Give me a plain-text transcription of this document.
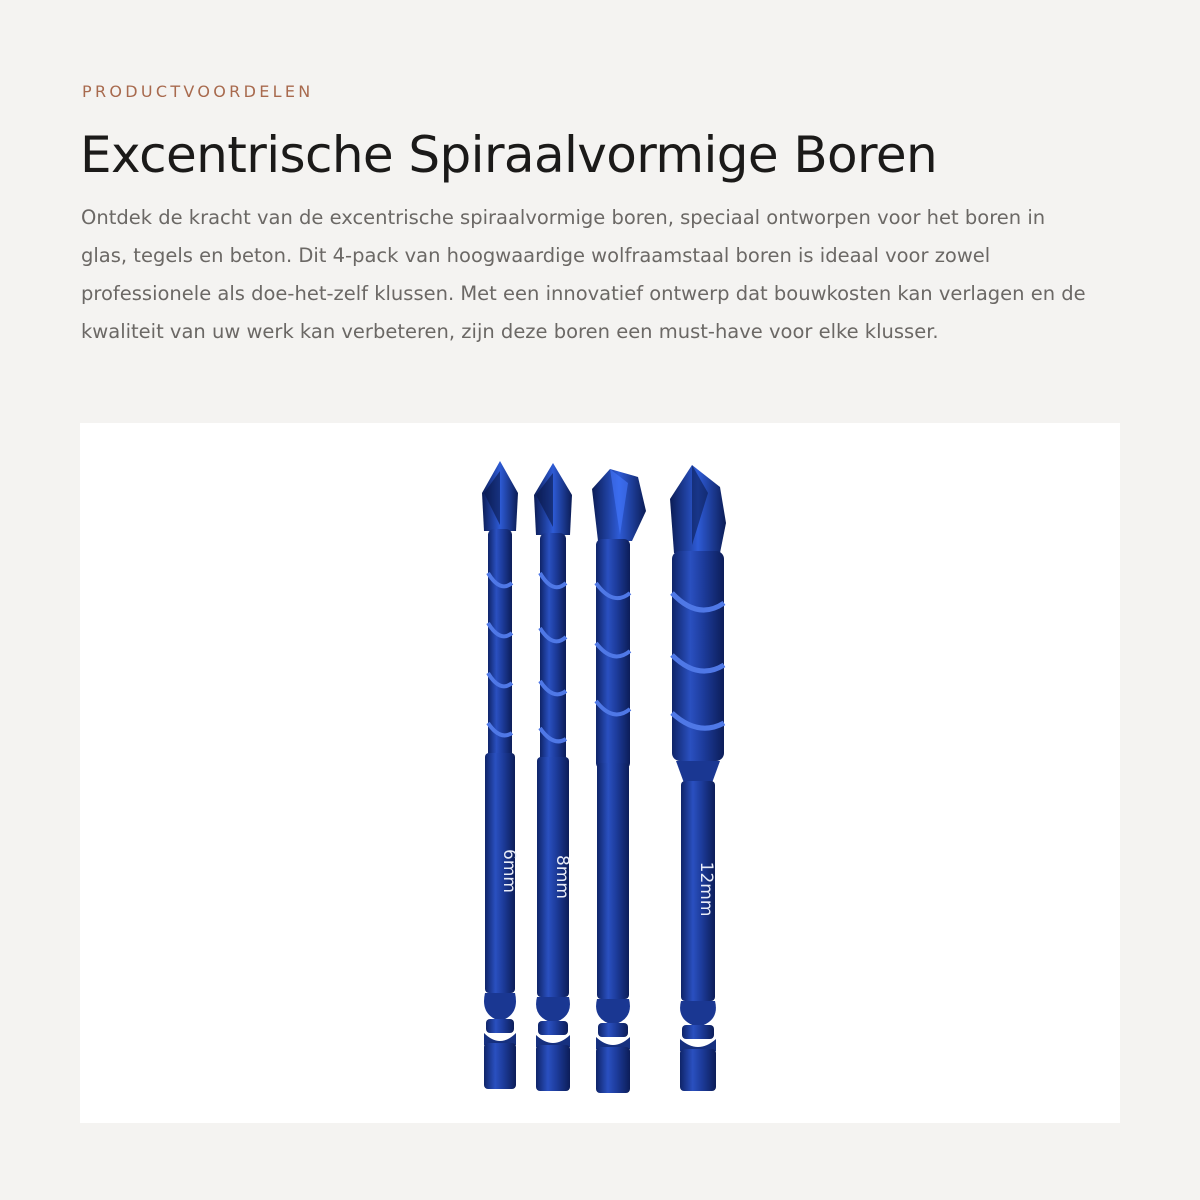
PRODUCTVOORDELEN

Excentrische Spiraalvormige Boren

Ontdek de kracht van de excentrische spiraalvormige boren, speciaal ontworpen voor het boren in glas, tegels en beton. Dit 4-pack van hoogwaardige wolfraamstaal boren is ideaal voor zowel professionele als doe-het-zelf klussen. Met een innovatief ontwerp dat bouwkosten kan verlagen en de kwaliteit van uw werk kan verbeteren, zijn deze boren een must-have voor elke klusser.

6mm 8mm	12mm
